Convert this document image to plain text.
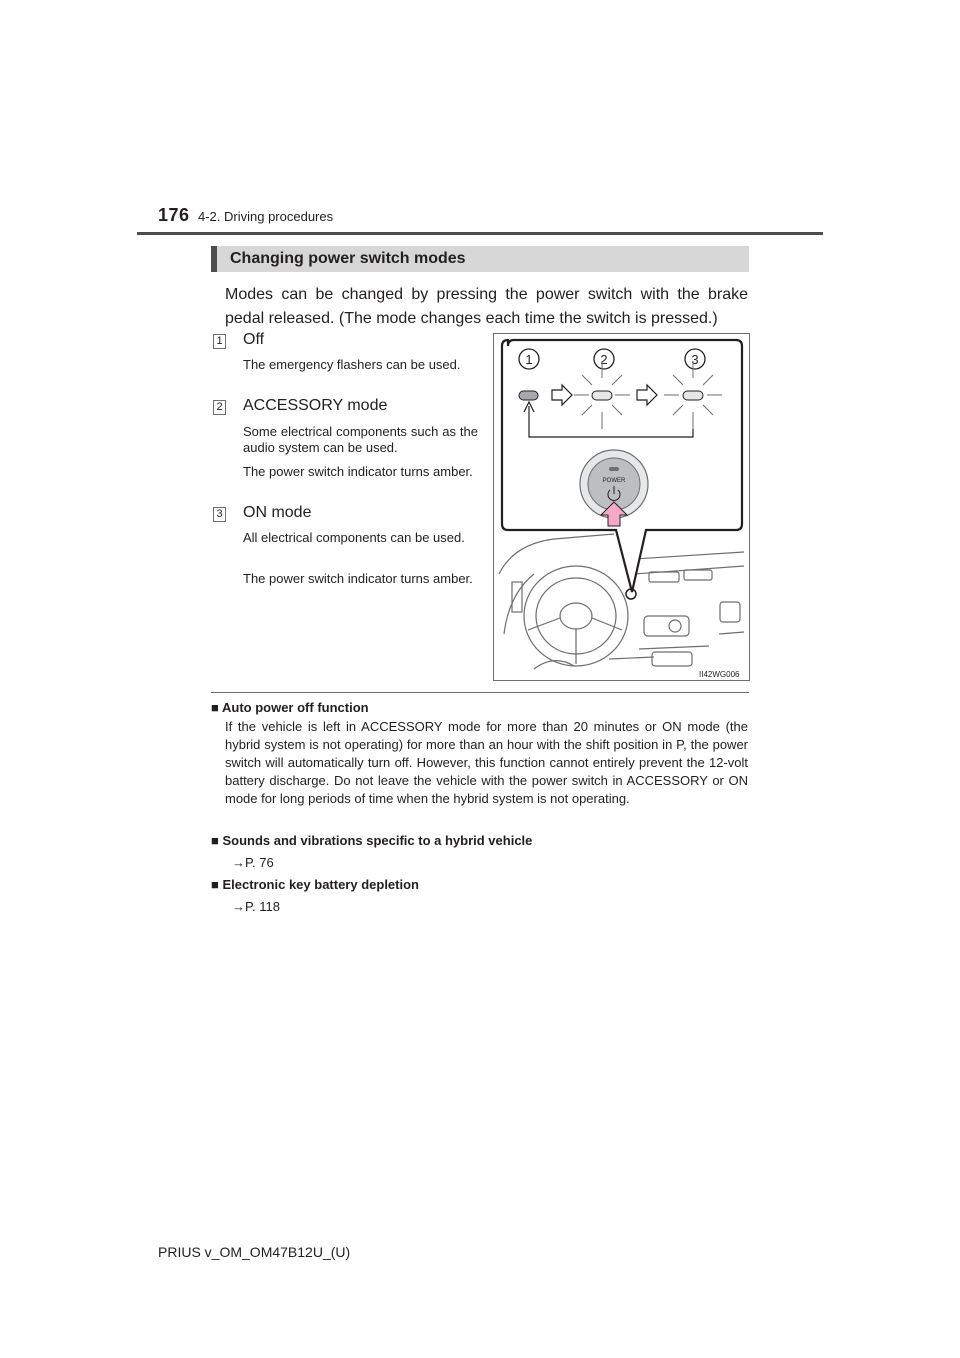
176 4-2. Driving procedures
Changing power switch modes
Modes can be changed by pressing the power switch with the brake pedal released. (The mode changes each time the switch is pressed.)
1 Off
The emergency flashers can be used.
2 ACCESSORY mode
Some electrical components such as the audio system can be used.
The power switch indicator turns amber.
3 ON mode
All electrical components can be used.
The power switch indicator turns amber.
1	2	3
POWER
II42WG006
■ Auto power off function
If the vehicle is left in ACCESSORY mode for more than 20 minutes or ON mode (the hybrid system is not operating) for more than an hour with the shift position in P, the power switch will automatically turn off. However, this function cannot entirely prevent the 12-volt battery discharge. Do not leave the vehicle with the power switch in ACCESSORY or ON mode for long periods of time when the hybrid system is not operating.
■ Sounds and vibrations specific to a hybrid vehicle
→P. 76
■ Electronic key battery depletion
→P. 118
PRIUS v_OM_OM47B12U_(U)
